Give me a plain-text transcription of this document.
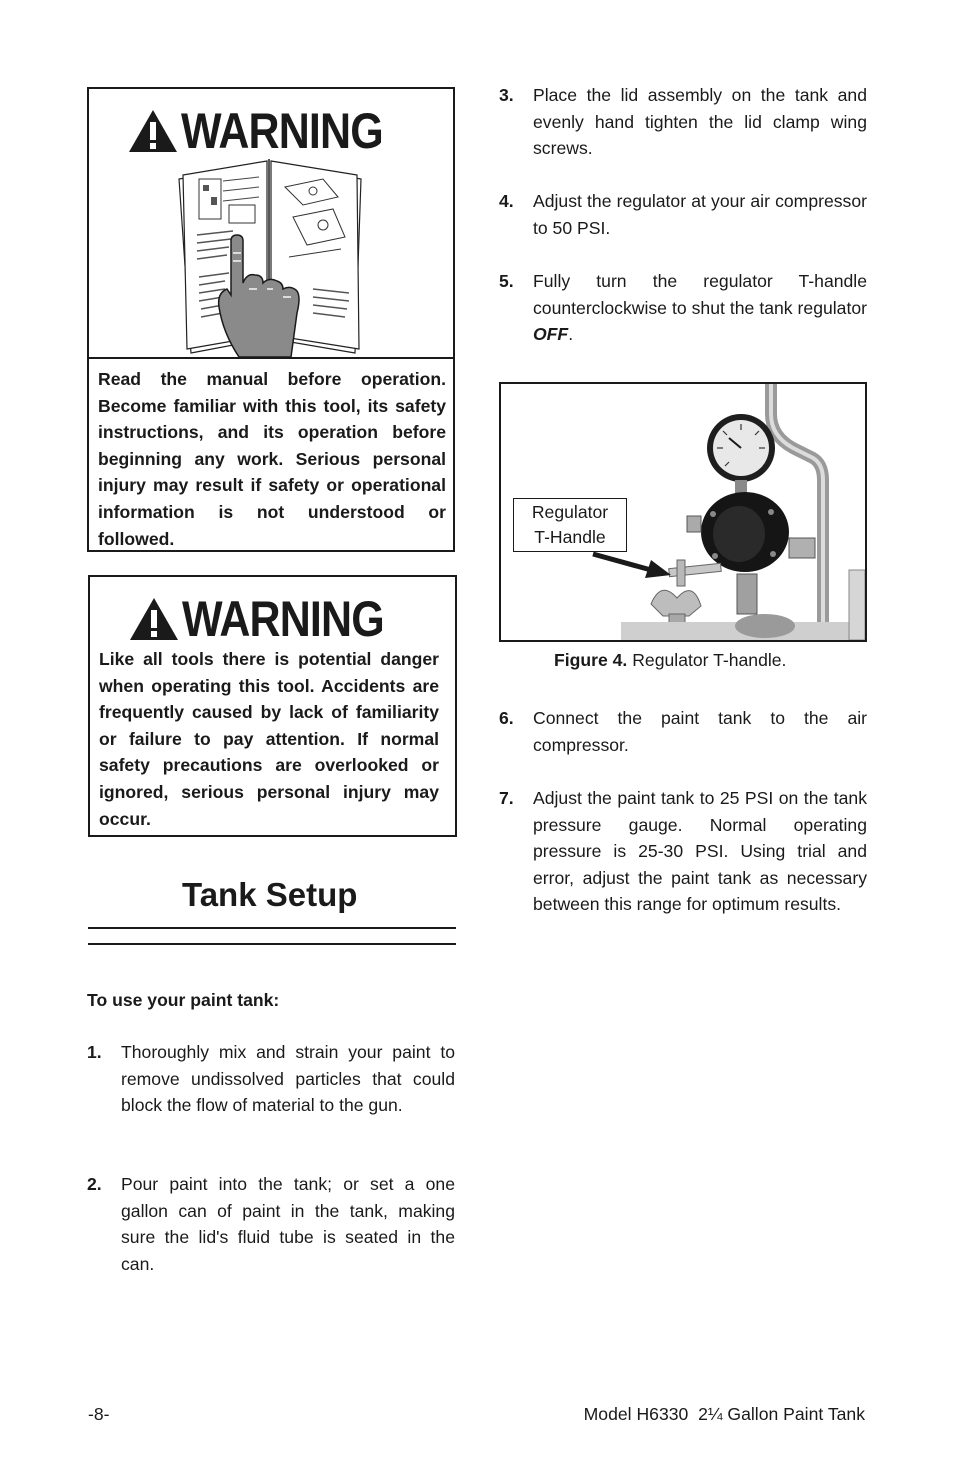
WARNING
Read the manual before operation. Become familiar with this tool, its safety instructions, and its operation before beginning any work. Serious personal injury may result if safety or operational information is not understood or followed.
WARNING
Like all tools there is potential danger when operating this tool. Accidents are frequently caused by lack of familiarity or failure to pay attention. If normal safety precautions are overlooked or ignored, serious personal injury may occur.
Tank Setup
To use your paint tank:
1.	Thoroughly mix and strain your paint to remove undissolved particles that could block the flow of material to the gun.
2.	Pour paint into the tank; or set a one gallon can of paint in the tank, making sure the lid's fluid tube is seated in the can.
3.	Place the lid assembly on the tank and evenly hand tighten the lid clamp wing screws.
4.	Adjust the regulator at your air compressor to 50 PSI.
5.	Fully turn the regulator T-handle counterclockwise to shut the tank regulator OFF.
Regulator
T-Handle
Figure 4. Regulator T-handle.
6.	Connect the paint tank to the air compressor.
7.	Adjust the paint tank to 25 PSI on the tank pressure gauge. Normal operating pressure is 25-30 PSI. Using trial and error, adjust the paint tank as necessary between this range for optimum results.
-8-	Model H6330  2¼ Gallon Paint Tank
